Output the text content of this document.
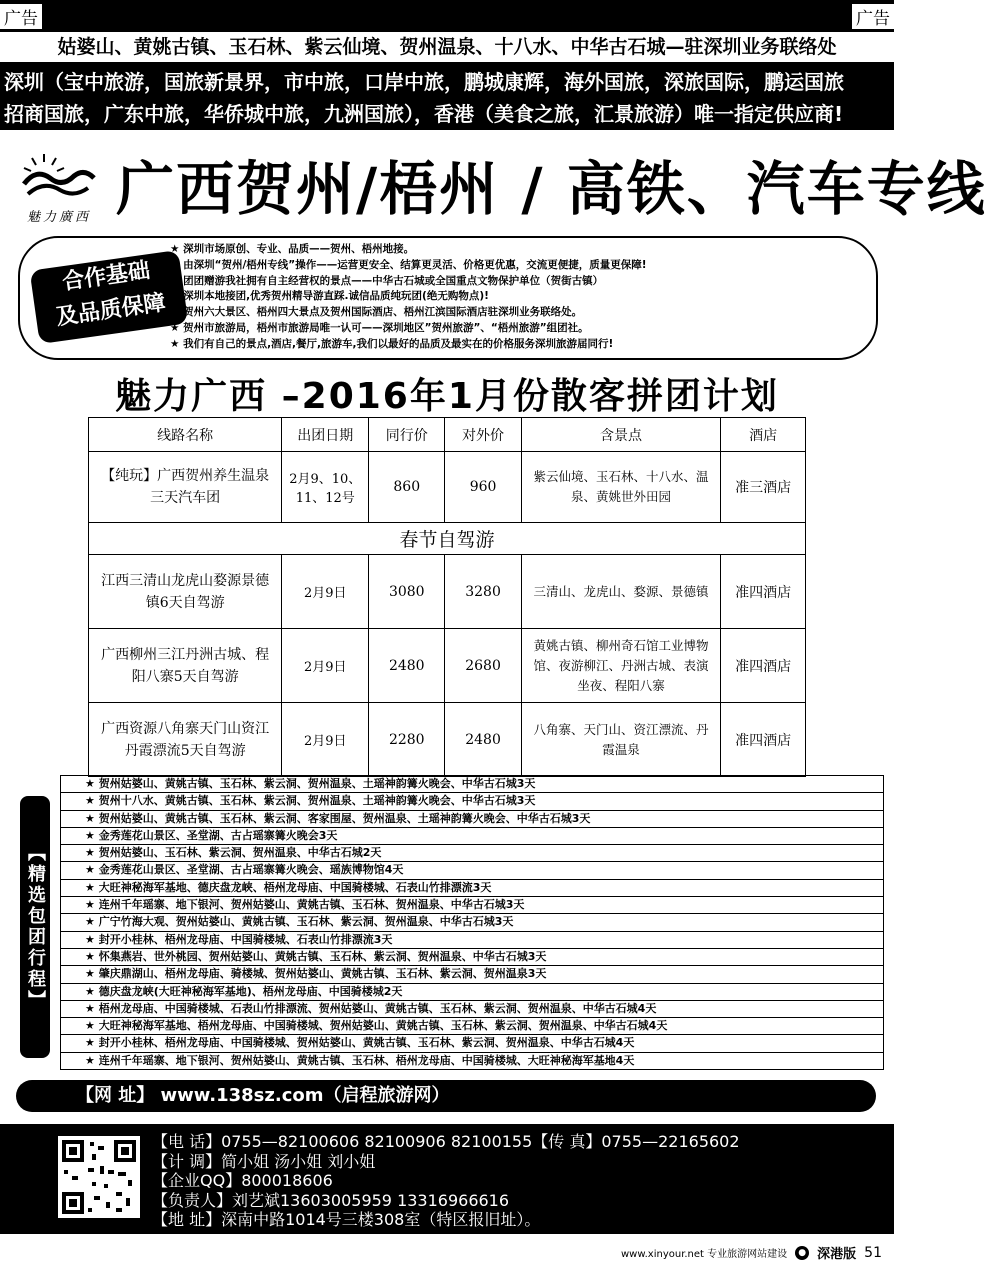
姑婆山、黄姚古镇、玉石林、紫云仙境、贺州温泉、十八水、中华古石城—驻深圳业务联络处
深圳（宝中旅游，国旅新景界，市中旅，口岸中旅，鹏城康辉，海外国旅，深旅国际，鹏运国旅
招商国旅，广东中旅，华侨城中旅，九洲国旅），香港（美食之旅，汇景旅游）唯一指定供应商!
广告	广告
魅力廣西 广西贺州/梧州 / 高铁、汽车专线
合作基础
及品质保障
★ 深圳市场原创、专业、品质——贺州、梧州地接。
★ 由深圳“贺州/梧州专线”操作——运营更安全、结算更灵活、价格更优惠，交流更便捷，质量更保障!
★ 团团赠游我社拥有自主经营权的景点——中华古石城或全国重点文物保护单位（贺街古镇）
★ 深圳本地接团,优秀贺州精导游直踩.诚信品质纯玩团(绝无购物点)!
★ 贺州六大景区、梧州四大景点及贺州国际酒店、梧州江滨国际酒店驻深圳业务联络处。
★ 贺州市旅游局，梧州市旅游局唯一认可——深圳地区”贺州旅游”、“梧州旅游”组团社。
★ 我们有自己的景点,酒店,餐厅,旅游车,我们以最好的品质及最实在的价格服务深圳旅游届同行!
魅力广西 –2016年1月份散客拼团计划
线路名称	出团日期	同行价	对外价	含景点	酒店
【纯玩】广西贺州养生温泉三天汽车团	2月9、10、11、12号	860	960	紫云仙境、玉石林、十八水、温泉、黄姚世外田园	准三酒店
春节自驾游					
江西三清山龙虎山婺源景德镇6天自驾游	2月9日	3080	3280	三清山、龙虎山、婺源、景德镇	准四酒店
广西柳州三江丹洲古城、程阳八寨5天自驾游	2月9日	2480	2680	黄姚古镇、柳州奇石馆工业博物馆、夜游柳江、丹洲古城、表演坐夜、程阳八寨	准四酒店
广西资源八角寨天门山资江丹霞漂流5天自驾游	2月9日	2280	2480	八角寨、天门山、资江漂流、丹霞温泉	准四酒店
【精选包团行程】
★ 贺州姑婆山、黄姚古镇、玉石林、紫云洞、贺州温泉、土瑶神韵篝火晚会、中华古石城3天
★ 贺州十八水、黄姚古镇、玉石林、紫云洞、贺州温泉、土瑶神韵篝火晚会、中华古石城3天
★ 贺州姑婆山、黄姚古镇、玉石林、紫云洞、客家围屋、贺州温泉、土瑶神韵篝火晚会、中华古石城3天
★ 金秀莲花山景区、圣堂湖、古占瑶寨篝火晚会3天
★ 贺州姑婆山、玉石林、紫云洞、贺州温泉、中华古石城2天
★ 金秀莲花山景区、圣堂湖、古占瑶寨篝火晚会、瑶族博物馆4天
★ 大旺神秘海军基地、德庆盘龙峡、梧州龙母庙、中国骑楼城、石表山竹排漂流3天
★ 连州千年瑶寨、地下银河、贺州姑婆山、黄姚古镇、玉石林、贺州温泉、中华古石城3天
★ 广宁竹海大观、贺州姑婆山、黄姚古镇、玉石林、紫云洞、贺州温泉、中华古石城3天
★ 封开小桂林、梧州龙母庙、中国骑楼城、石表山竹排漂流3天
★ 怀集燕岩、世外桃园、贺州姑婆山、黄姚古镇、玉石林、紫云洞、贺州温泉、中华古石城3天
★ 肇庆鼎湖山、梧州龙母庙、骑楼城、贺州姑婆山、黄姚古镇、玉石林、紫云洞、贺州温泉3天
★ 德庆盘龙峡(大旺神秘海军基地)、梧州龙母庙、中国骑楼城2天
★ 梧州龙母庙、中国骑楼城、石表山竹排漂流、贺州姑婆山、黄姚古镇、玉石林、紫云洞、贺州温泉、中华古石城4天
★ 大旺神秘海军基地、梧州龙母庙、中国骑楼城、贺州姑婆山、黄姚古镇、玉石林、紫云洞、贺州温泉、中华古石城4天
★ 封开小桂林、梧州龙母庙、中国骑楼城、贺州姑婆山、黄姚古镇、玉石林、紫云洞、贺州温泉、中华古石城4天
★ 连州千年瑶寨、地下银河、贺州姑婆山、黄姚古镇、玉石林、梧州龙母庙、中国骑楼城、大旺神秘海军基地4天
【网 址】 www.138sz.com（启程旅游网）
【电 话】0755—82100606 82100906 82100155【传 真】0755—22165602
【计 调】简小姐 汤小姐 刘小姐
【企业QQ】800018606
【负责人】刘艺斌13603005959 13316966616
【地 址】深南中路1014号三楼308室（特区报旧址）。
www.xinyour.net 专业旅游网站建设	● 深港版 51
